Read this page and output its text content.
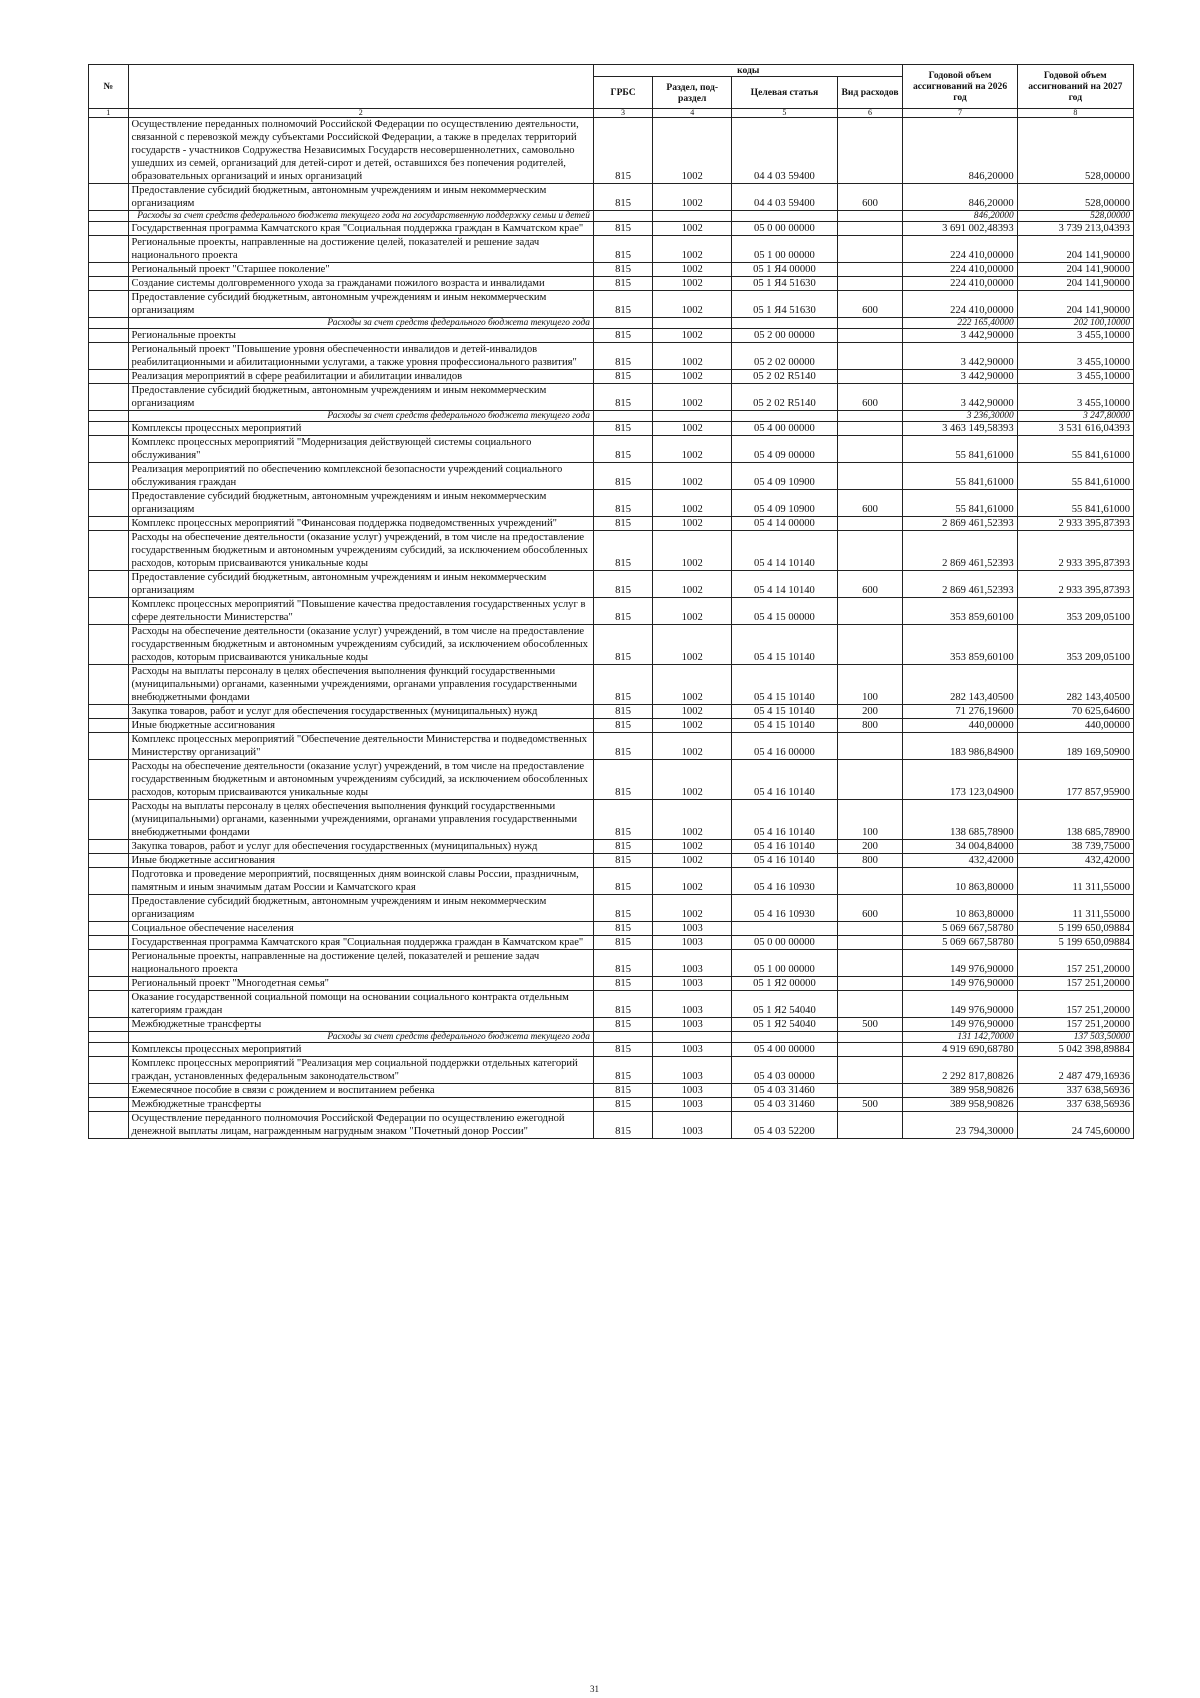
№		коды				Годовой объем ассигнований на 2026 год	Годовой объем ассигнований на 2027 год
		ГРБС	Раздел, под-раздел	Целевая статья	Вид расходов		
1	2	3	4	5	6	7	8
	Осуществление переданных полномочий Российской Федерации по осуществлению деятельности, связанной с перевозкой между субъектами Российской Федерации, а также в пределах территорий государств - участников Содружества Независимых Государств несовершеннолетних, самовольно ушедших из семей, организаций для детей-сирот и детей, оставшихся без попечения родителей, образовательных организаций и иных организаций	815	1002	04 4 03 59400		846,20000	528,00000
	Предоставление субсидий бюджетным, автономным учреждениям и иным некоммерческим организациям	815	1002	04 4 03 59400	600	846,20000	528,00000
	Расходы за счет средств федерального бюджета текущего года на государственную поддержку семьи и детей					846,20000	528,00000
	Государственная программа Камчатского края "Социальная поддержка граждан в Камчатском крае"	815	1002	05 0 00 00000		3 691 002,48393	3 739 213,04393
	Региональные проекты, направленные на достижение целей, показателей и решение задач национального проекта	815	1002	05 1 00 00000		224 410,00000	204 141,90000
	Региональный проект "Старшее поколение"	815	1002	05 1 Я4 00000		224 410,00000	204 141,90000
	Создание системы долговременного ухода за гражданами пожилого возраста и инвалидами	815	1002	05 1 Я4 51630		224 410,00000	204 141,90000
	Предоставление субсидий бюджетным, автономным учреждениям и иным некоммерческим организациям	815	1002	05 1 Я4 51630	600	224 410,00000	204 141,90000
	Расходы за счет средств федерального бюджета текущего года					222 165,40000	202 100,10000
	Региональные проекты	815	1002	05 2 00 00000		3 442,90000	3 455,10000
	Региональный проект "Повышение уровня обеспеченности инвалидов и детей-инвалидов реабилитационными и абилитационными услугами, а также уровня профессионального развития"	815	1002	05 2 02 00000		3 442,90000	3 455,10000
	Реализация мероприятий в сфере реабилитации и абилитации инвалидов	815	1002	05 2 02 R5140		3 442,90000	3 455,10000
	Предоставление субсидий бюджетным, автономным учреждениям и иным некоммерческим организациям	815	1002	05 2 02 R5140	600	3 442,90000	3 455,10000
	Расходы за счет средств федерального бюджета текущего года					3 236,30000	3 247,80000
	Комплексы процессных мероприятий	815	1002	05 4 00 00000		3 463 149,58393	3 531 616,04393
	Комплекс процессных мероприятий "Модернизация действующей системы социального обслуживания"	815	1002	05 4 09 00000		55 841,61000	55 841,61000
	Реализация мероприятий по обеспечению комплексной безопасности учреждений социального обслуживания граждан	815	1002	05 4 09 10900		55 841,61000	55 841,61000
	Предоставление субсидий бюджетным, автономным учреждениям и иным некоммерческим организациям	815	1002	05 4 09 10900	600	55 841,61000	55 841,61000
	Комплекс процессных мероприятий "Финансовая поддержка подведомственных учреждений"	815	1002	05 4 14 00000		2 869 461,52393	2 933 395,87393
	Расходы на обеспечение деятельности (оказание услуг) учреждений, в том числе на предоставление государственным бюджетным и автономным учреждениям субсидий, за исключением обособленных расходов, которым присваиваются уникальные коды	815	1002	05 4 14 10140		2 869 461,52393	2 933 395,87393
	Предоставление субсидий бюджетным, автономным учреждениям и иным некоммерческим организациям	815	1002	05 4 14 10140	600	2 869 461,52393	2 933 395,87393
	Комплекс процессных мероприятий "Повышение качества предоставления государственных услуг в сфере деятельности Министерства"	815	1002	05 4 15 00000		353 859,60100	353 209,05100
	Расходы на обеспечение деятельности (оказание услуг) учреждений, в том числе на предоставление государственным бюджетным и автономным учреждениям субсидий, за исключением обособленных расходов, которым присваиваются уникальные коды	815	1002	05 4 15 10140		353 859,60100	353 209,05100
	Расходы на выплаты персоналу в целях обеспечения выполнения функций государственными (муниципальными) органами, казенными учреждениями, органами управления государственными внебюджетными фондами	815	1002	05 4 15 10140	100	282 143,40500	282 143,40500
	Закупка товаров, работ и услуг для обеспечения государственных (муниципальных) нужд	815	1002	05 4 15 10140	200	71 276,19600	70 625,64600
	Иные бюджетные ассигнования	815	1002	05 4 15 10140	800	440,00000	440,00000
	Комплекс процессных мероприятий "Обеспечение деятельности Министерства и подведомственных Министерству организаций"	815	1002	05 4 16 00000		183 986,84900	189 169,50900
	Расходы на обеспечение деятельности (оказание услуг) учреждений, в том числе на предоставление государственным бюджетным и автономным учреждениям субсидий, за исключением обособленных расходов, которым присваиваются уникальные коды	815	1002	05 4 16 10140		173 123,04900	177 857,95900
	Расходы на выплаты персоналу в целях обеспечения выполнения функций государственными (муниципальными) органами, казенными учреждениями, органами управления государственными внебюджетными фондами	815	1002	05 4 16 10140	100	138 685,78900	138 685,78900
	Закупка товаров, работ и услуг для обеспечения государственных (муниципальных) нужд	815	1002	05 4 16 10140	200	34 004,84000	38 739,75000
	Иные бюджетные ассигнования	815	1002	05 4 16 10140	800	432,42000	432,42000
	Подготовка и проведение мероприятий, посвященных дням воинской славы России, праздничным, памятным и иным значимым датам России и Камчатского края	815	1002	05 4 16 10930		10 863,80000	11 311,55000
	Предоставление субсидий бюджетным, автономным учреждениям и иным некоммерческим организациям	815	1002	05 4 16 10930	600	10 863,80000	11 311,55000
	Социальное обеспечение населения	815	1003			5 069 667,58780	5 199 650,09884
	Государственная программа Камчатского края "Социальная поддержка граждан в Камчатском крае"	815	1003	05 0 00 00000		5 069 667,58780	5 199 650,09884
	Региональные проекты, направленные на достижение целей, показателей и решение задач национального проекта	815	1003	05 1 00 00000		149 976,90000	157 251,20000
	Региональный проект "Многодетная семья"	815	1003	05 1 Я2 00000		149 976,90000	157 251,20000
	Оказание государственной социальной помощи на основании социального контракта отдельным категориям граждан	815	1003	05 1 Я2 54040		149 976,90000	157 251,20000
	Межбюджетные трансферты	815	1003	05 1 Я2 54040	500	149 976,90000	157 251,20000
	Расходы за счет средств федерального бюджета текущего года					131 142,70000	137 503,50000
	Комплексы процессных мероприятий	815	1003	05 4 00 00000		4 919 690,68780	5 042 398,89884
	Комплекс процессных мероприятий "Реализация мер социальной поддержки отдельных категорий граждан, установленных федеральным законодательством"	815	1003	05 4 03 00000		2 292 817,80826	2 487 479,16936
	Ежемесячное пособие в связи с рождением и воспитанием ребенка	815	1003	05 4 03 31460		389 958,90826	337 638,56936
	Межбюджетные трансферты	815	1003	05 4 03 31460	500	389 958,90826	337 638,56936
	Осуществление переданного полномочия Российской Федерации по осуществлению ежегодной денежной выплаты лицам, награжденным нагрудным знаком "Почетный донор России"	815	1003	05 4 03 52200		23 794,30000	24 745,60000
31
